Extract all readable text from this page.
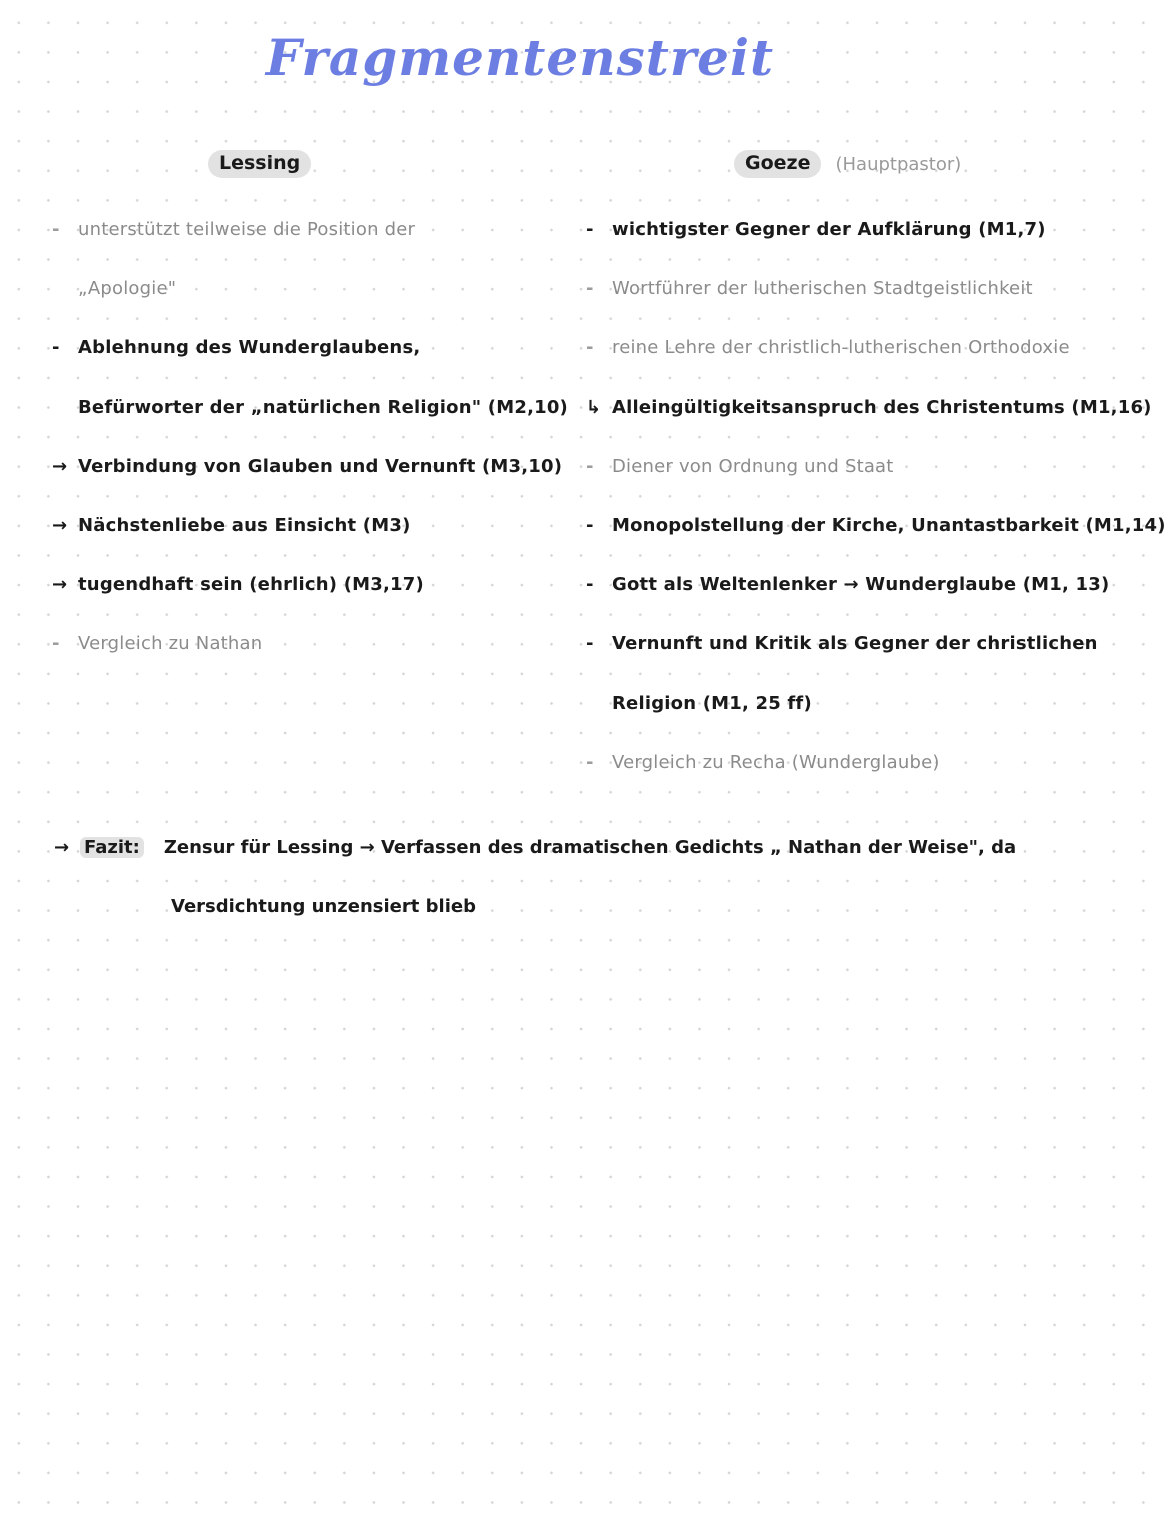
Fragmentenstreit
Lessing	Goeze	(Hauptpastor)
-	unterstützt teilweise die Position der
„Apologie"
-	Ablehnung des Wunderglaubens,
Befürworter der „natürlichen Religion" (M2,10)
→ Verbindung von Glauben und Vernunft (M3,10)
→ Nächstenliebe aus Einsicht (M3)
→ tugendhaft sein (ehrlich) (M3,17)
-	Vergleich zu Nathan
-	wichtigster Gegner der Aufklärung (M1,7)
-	Wortführer der lutherischen Stadtgeistlichkeit
-	reine Lehre der christlich-lutherischen Orthodoxie
↳ Alleingültigkeitsanspruch des Christentums (M1,16)
-	Diener von Ordnung und Staat
-	Monopolstellung der Kirche, Unantastbarkeit (M1,14)
-	Gott als Weltenlenker → Wunderglaube (M1, 13)
-	Vernunft und Kritik als Gegner der christlichen
Religion (M1, 25 ff)
-	Vergleich zu Recha (Wunderglaube)
→ Fazit: Zensur für Lessing → Verfassen des dramatischen Gedichts „ Nathan der Weise", da
Versdichtung unzensiert blieb
